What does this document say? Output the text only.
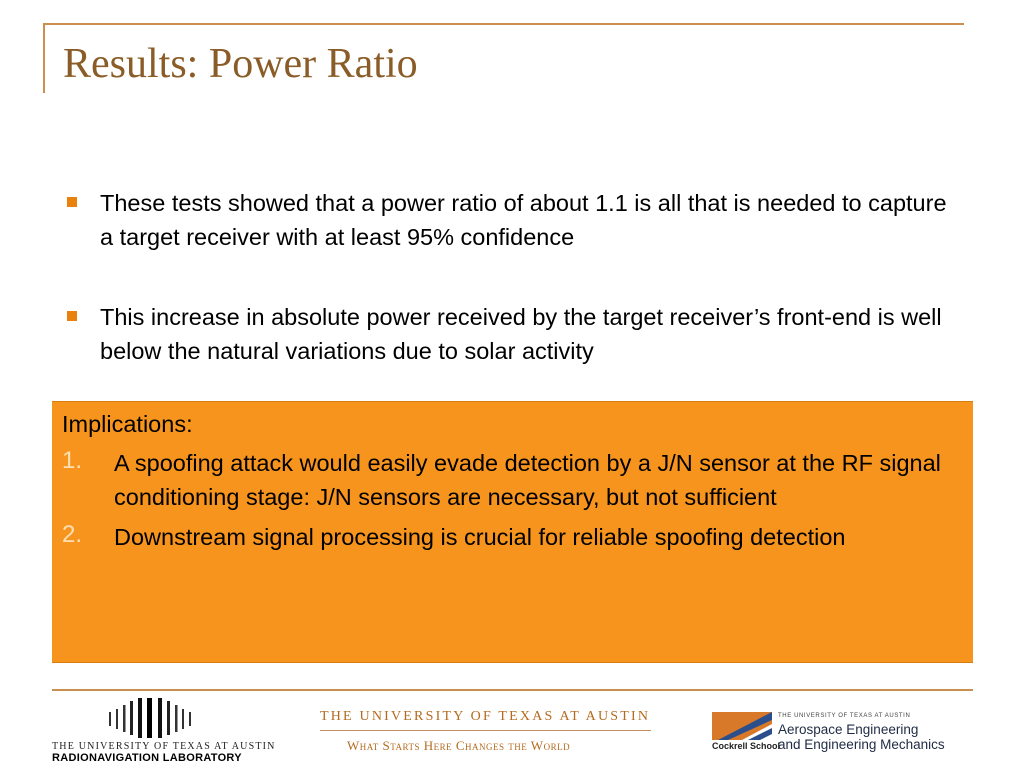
Results: Power Ratio
These tests showed that a power ratio of about 1.1 is all that is needed to capture a target receiver with at least 95% confidence
This increase in absolute power received by the target receiver’s front-end is well below the natural variations due to solar activity
Implications:
1. A spoofing attack would easily evade detection by a J/N sensor at the RF signal conditioning stage: J/N sensors are necessary, but not sufficient
2. Downstream signal processing is crucial for reliable spoofing detection
THE UNIVERSITY OF TEXAS AT AUSTIN
RADIONAVIGATION LABORATORY
THE UNIVERSITY OF TEXAS AT AUSTIN
What Starts Here Changes the World	Cockrell School
THE UNIVERSITY OF TEXAS AT AUSTIN
Aerospace Engineering
and Engineering Mechanics
